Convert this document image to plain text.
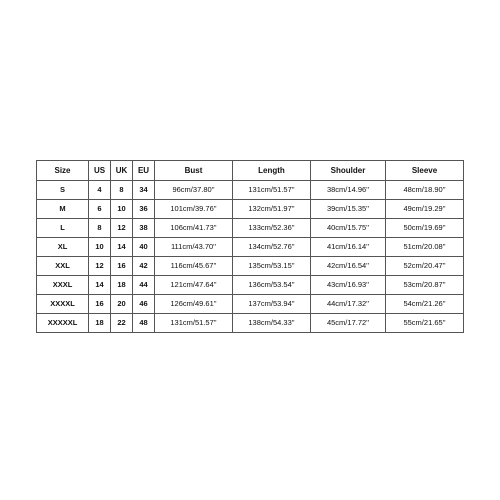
Size	US	UK	EU	Bust	Length	Shoulder	Sleeve
S	4	8	34	96cm/37.80''	131cm/51.57''	38cm/14.96''	48cm/18.90''
M	6	10	36	101cm/39.76''	132cm/51.97''	39cm/15.35''	49cm/19.29''
L	8	12	38	106cm/41.73''	133cm/52.36''	40cm/15.75''	50cm/19.69''
XL	10	14	40	111cm/43.70''	134cm/52.76''	41cm/16.14''	51cm/20.08''
XXL	12	16	42	116cm/45.67''	135cm/53.15''	42cm/16.54''	52cm/20.47''
XXXL	14	18	44	121cm/47.64''	136cm/53.54''	43cm/16.93''	53cm/20.87''
XXXXL	16	20	46	126cm/49.61''	137cm/53.94''	44cm/17.32''	54cm/21.26''
XXXXXL	18	22	48	131cm/51.57''	138cm/54.33''	45cm/17.72''	55cm/21.65''
